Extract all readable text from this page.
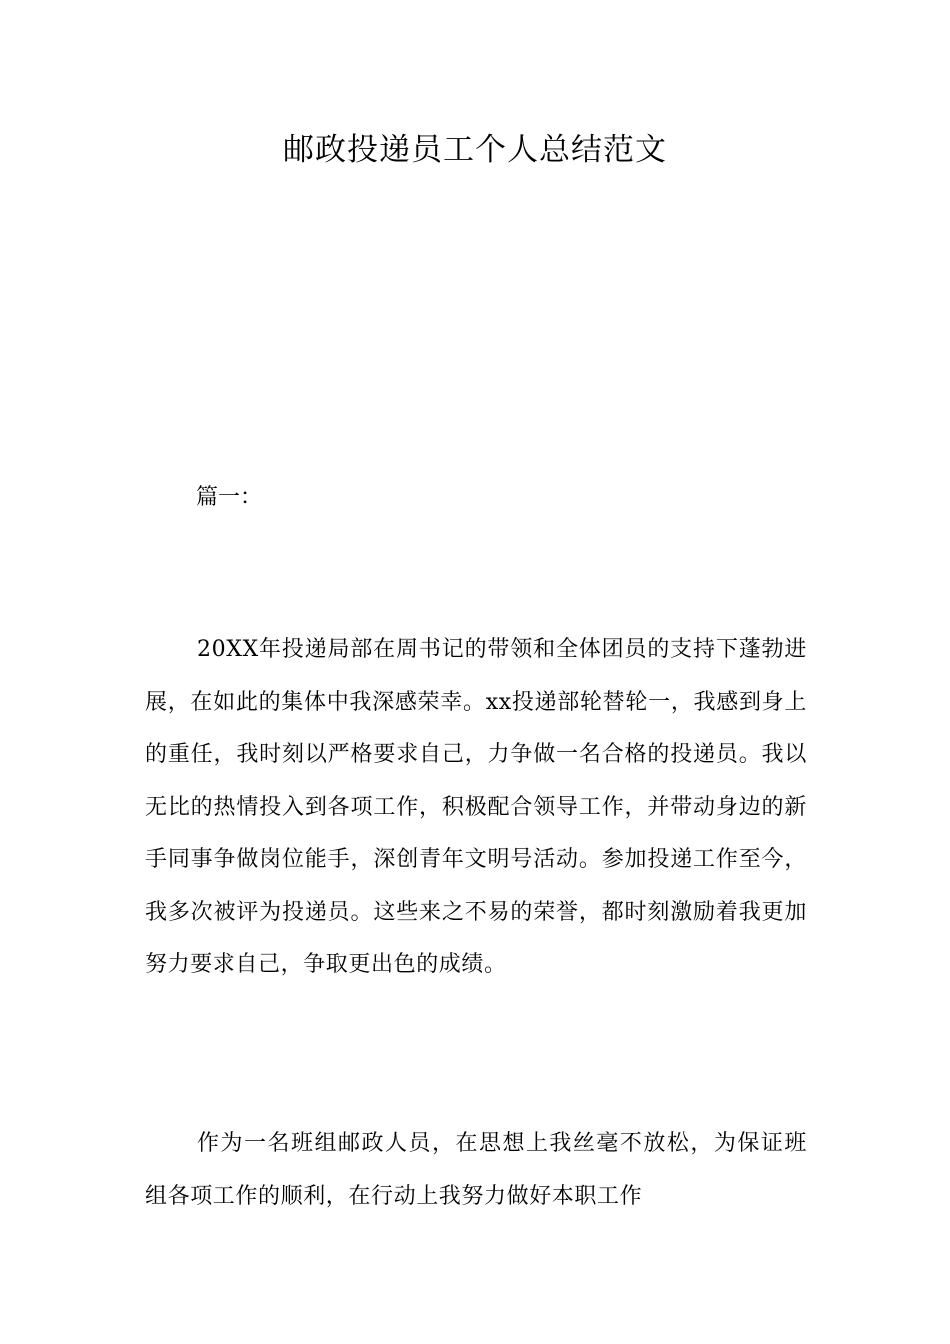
邮政投递员工个人总结范文

篇一：

20XX年投递局部在周书记的带领和全体团员的支持下蓬勃进展，在如此的集体中我深感荣幸。xx投递部轮替轮一，我感到身上的重任，我时刻以严格要求自己，力争做一名合格的投递员。我以无比的热情投入到各项工作，积极配合领导工作，并带动身边的新手同事争做岗位能手，深创青年文明号活动。参加投递工作至今，我多次被评为投递员。这些来之不易的荣誉，都时刻激励着我更加努力要求自己，争取更出色的成绩。

作为一名班组邮政人员，在思想上我丝毫不放松，为保证班组各项工作的顺利，在行动上我努力做好本职工作
